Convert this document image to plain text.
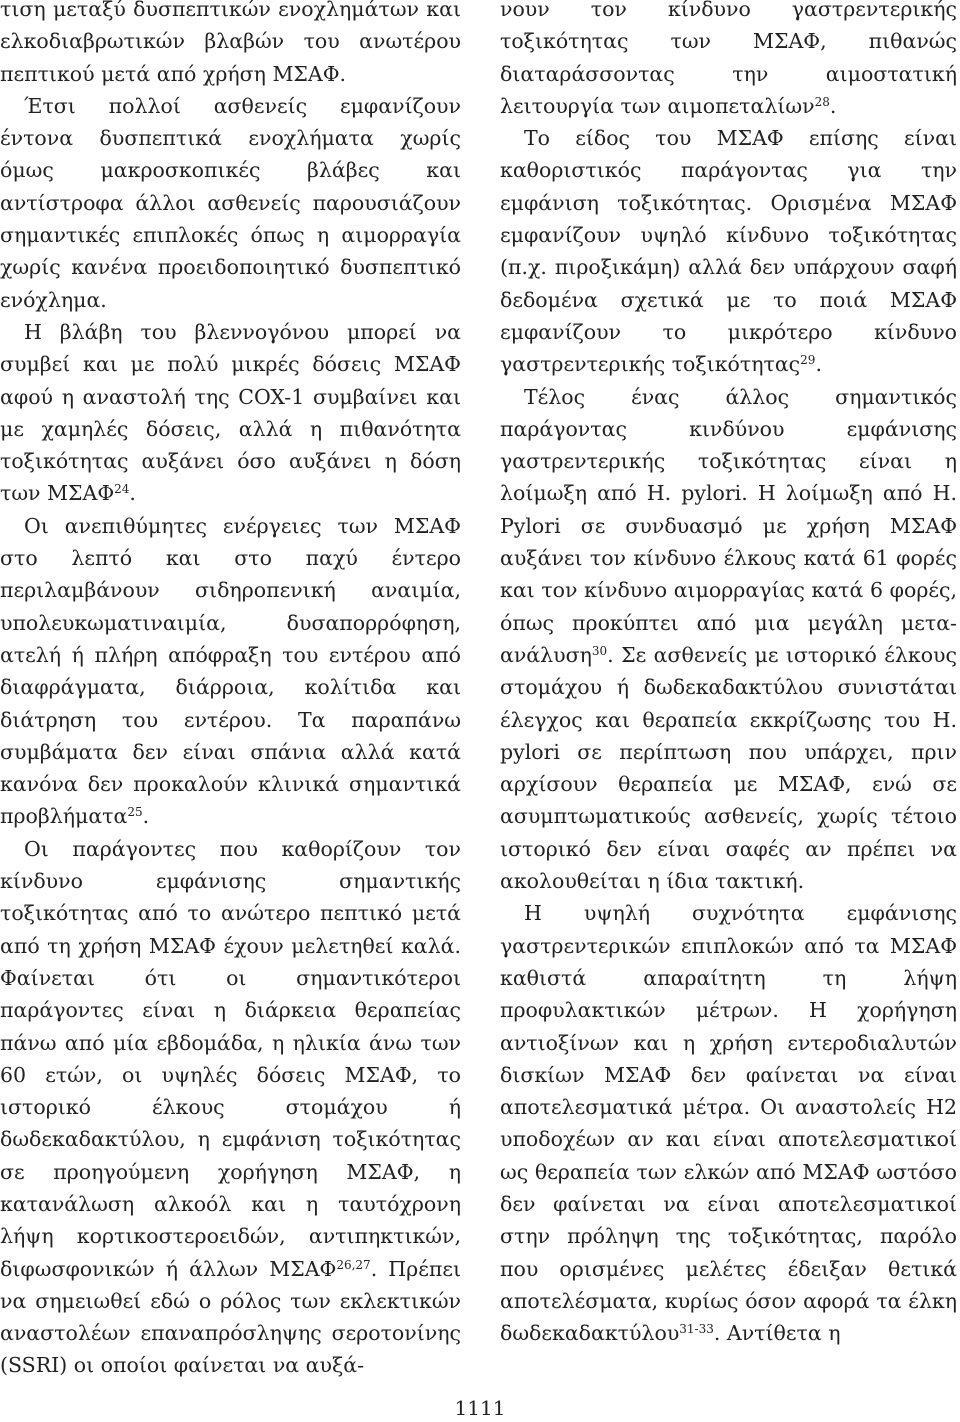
τιση μεταξύ δυσπεπτικών ενοχλημάτων και ελκοδιαβρωτικών βλαβών του ανωτέρου πεπτικού μετά από χρήση ΜΣΑΦ.

Έτσι πολλοί ασθενείς εμφανίζουν έντονα δυσπεπτικά ενοχλήματα χωρίς όμως μακροσκοπικές βλάβες και αντίστροφα άλλοι ασθενείς παρουσιάζουν σημαντικές επιπλοκές όπως η αιμορραγία χωρίς κανένα προειδοποιητικό δυσπεπτικό ενόχλημα.

Η βλάβη του βλεννογόνου μπορεί να συμβεί και με πολύ μικρές δόσεις ΜΣΑΦ αφού η αναστολή της COX-1 συμβαίνει και με χαμηλές δόσεις, αλλά η πιθανότητα τοξικότητας αυξάνει όσο αυξάνει η δόση των ΜΣΑΦ$^{24}$.

Οι ανεπιθύμητες ενέργειες των ΜΣΑΦ στο λεπτό και στο παχύ έντερο περιλαμβάνουν σιδηροπενική αναιμία, υπολευκωματιναιμία, δυσαπορρόφηση, ατελή ή πλήρη απόφραξη του εντέρου από διαφράγματα, διάρροια, κολίτιδα και διάτρηση του εντέρου. Τα παραπάνω συμβάματα δεν είναι σπάνια αλλά κατά κανόνα δεν προκαλούν κλινικά σημαντικά προβλήματα$^{25}$.

Οι παράγοντες που καθορίζουν τον κίνδυνο εμφάνισης σημαντικής τοξικότητας από το ανώτερο πεπτικό μετά από τη χρήση ΜΣΑΦ έχουν μελετηθεί καλά. Φαίνεται ότι οι σημαντικότεροι παράγοντες είναι η διάρκεια θεραπείας πάνω από μία εβδομάδα, η ηλικία άνω των 60 ετών, οι υψηλές δόσεις ΜΣΑΦ, το ιστορικό έλκους στομάχου ή δωδεκαδακτύλου, η εμφάνιση τοξικότητας σε προηγούμενη χορήγηση ΜΣΑΦ, η κατανάλωση αλκοόλ και η ταυτόχρονη λήψη κορτικοστεροειδών, αντιπηκτικών, διφωσφονικών ή άλλων ΜΣΑΦ$^{26,27}$. Πρέπει να σημειωθεί εδώ ο ρόλος των εκλεκτικών αναστολέων επαναπρόσληψης σεροτονίνης (SSRI) οι οποίοι φαίνεται να αυξά-

νουν τον κίνδυνο γαστρεντερικής τοξικότητας των ΜΣΑΦ, πιθανώς διαταράσσοντας την αιμοστατική λειτουργία των αιμοπεταλίων$^{28}$.

Το είδος του ΜΣΑΦ επίσης είναι καθοριστικός παράγοντας για την εμφάνιση τοξικότητας. Ορισμένα ΜΣΑΦ εμφανίζουν υψηλό κίνδυνο τοξικότητας (π.χ. πιροξικάμη) αλλά δεν υπάρχουν σαφή δεδομένα σχετικά με το ποιά ΜΣΑΦ εμφανίζουν το μικρότερο κίνδυνο γαστρεντερικής τοξικότητας$^{29}$.

Τέλος ένας άλλος σημαντικός παράγοντας κινδύνου εμφάνισης γαστρεντερικής τοξικότητας είναι η λοίμωξη από H. pylori. Η λοίμωξη από H. Pylori σε συνδυασμό με χρήση ΜΣΑΦ αυξάνει τον κίνδυνο έλκους κατά 61 φορές και τον κίνδυνο αιμορραγίας κατά 6 φορές, όπως προκύπτει από μια μεγάλη μετα-ανάλυση$^{30}$. Σε ασθενείς με ιστορικό έλκους στομάχου ή δωδεκαδακτύλου συνιστάται έλεγχος και θεραπεία εκκρίζωσης του H. pylori σε περίπτωση που υπάρχει, πριν αρχίσουν θεραπεία με ΜΣΑΦ, ενώ σε ασυμπτωματικούς ασθενείς, χωρίς τέτοιο ιστορικό δεν είναι σαφές αν πρέπει να ακολουθείται η ίδια τακτική.

Η υψηλή συχνότητα εμφάνισης γαστρεντερικών επιπλοκών από τα ΜΣΑΦ καθιστά απαραίτητη τη λήψη προφυλακτικών μέτρων. Η χορήγηση αντιοξίνων και η χρήση εντεροδιαλυτών δισκίων ΜΣΑΦ δεν φαίνεται να είναι αποτελεσματικά μέτρα. Οι αναστολείς Η2 υποδοχέων αν και είναι αποτελεσματικοί ως θεραπεία των ελκών από ΜΣΑΦ ωστόσο δεν φαίνεται να είναι αποτελεσματικοί στην πρόληψη της τοξικότητας, παρόλο που ορισμένες μελέτες έδειξαν θετικά αποτελέσματα, κυρίως όσον αφορά τα έλκη δωδεκαδακτύλου$^{31-33}$. Αντίθετα η

1111
